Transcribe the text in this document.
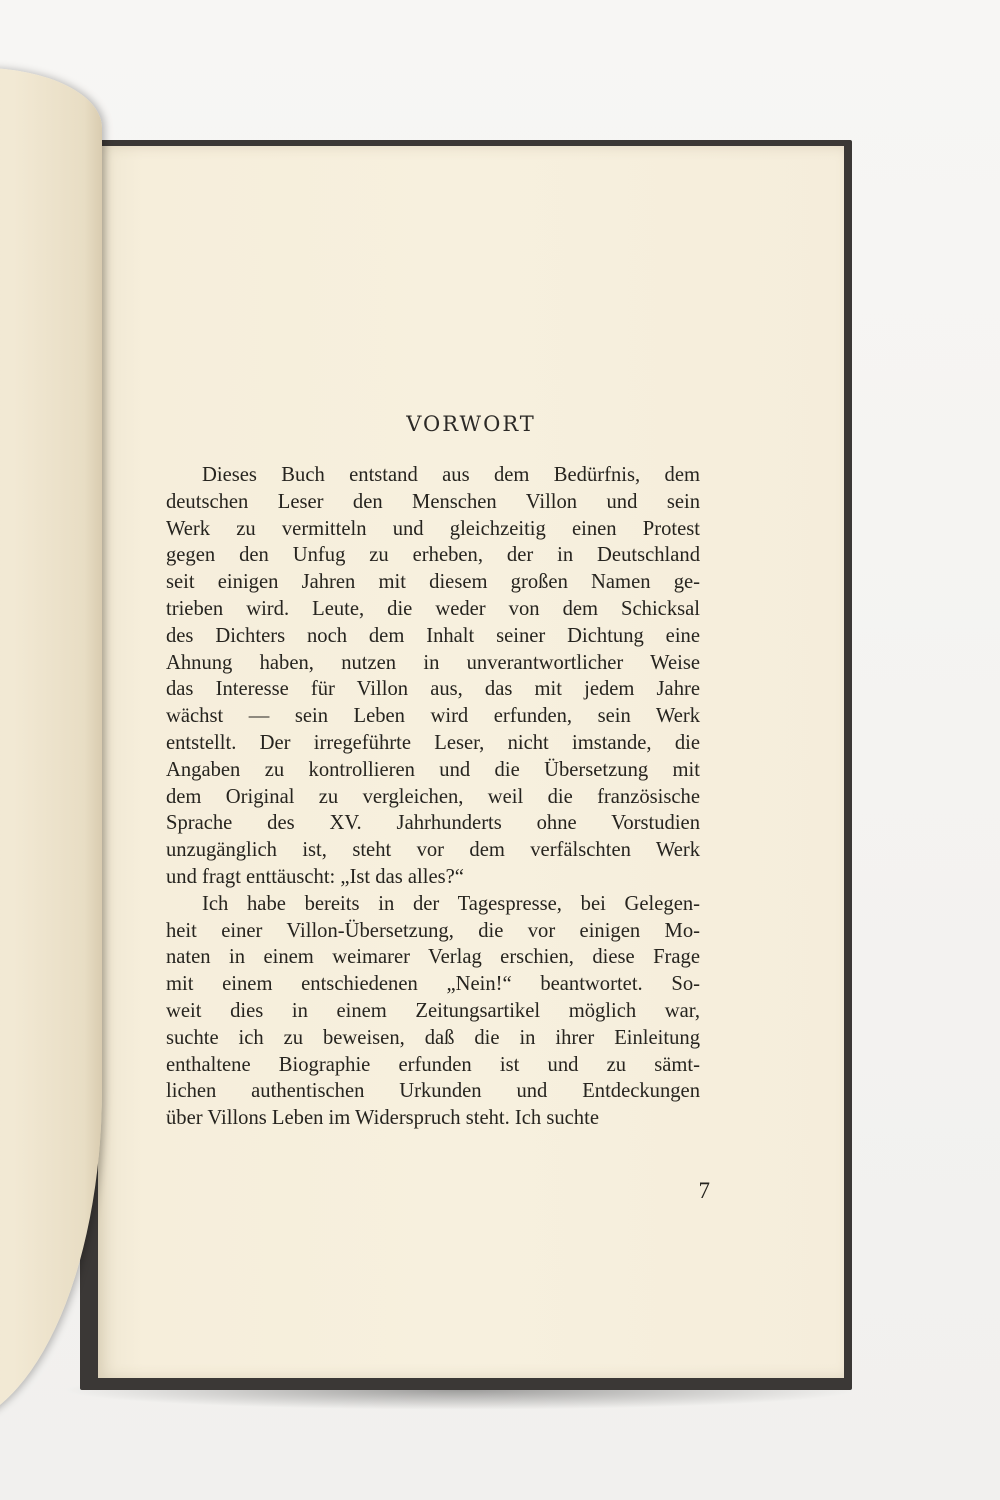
VORWORT
Dieses Buch entstand aus dem Bedürfnis, dem
deutschen Leser den Menschen Villon und sein
Werk zu vermitteln und gleichzeitig einen Protest
gegen den Unfug zu erheben, der in Deutschland
seit einigen Jahren mit diesem großen Namen ge-
trieben wird. Leute, die weder von dem Schicksal
des Dichters noch dem Inhalt seiner Dichtung eine
Ahnung haben, nutzen in unverantwortlicher Weise
das Interesse für Villon aus, das mit jedem Jahre
wächst — sein Leben wird erfunden, sein Werk
entstellt. Der irregeführte Leser, nicht imstande, die
Angaben zu kontrollieren und die Übersetzung mit
dem Original zu vergleichen, weil die französische
Sprache des XV. Jahrhunderts ohne Vorstudien
unzugänglich ist, steht vor dem verfälschten Werk
und fragt enttäuscht: „Ist das alles?“
Ich habe bereits in der Tagespresse, bei Gelegen-
heit einer Villon-Übersetzung, die vor einigen Mo-
naten in einem weimarer Verlag erschien, diese Frage
mit einem entschiedenen „Nein!“ beantwortet. So-
weit dies in einem Zeitungsartikel möglich war,
suchte ich zu beweisen, daß die in ihrer Einleitung
enthaltene Biographie erfunden ist und zu sämt-
lichen authentischen Urkunden und Entdeckungen
über Villons Leben im Widerspruch steht. Ich suchte

7
